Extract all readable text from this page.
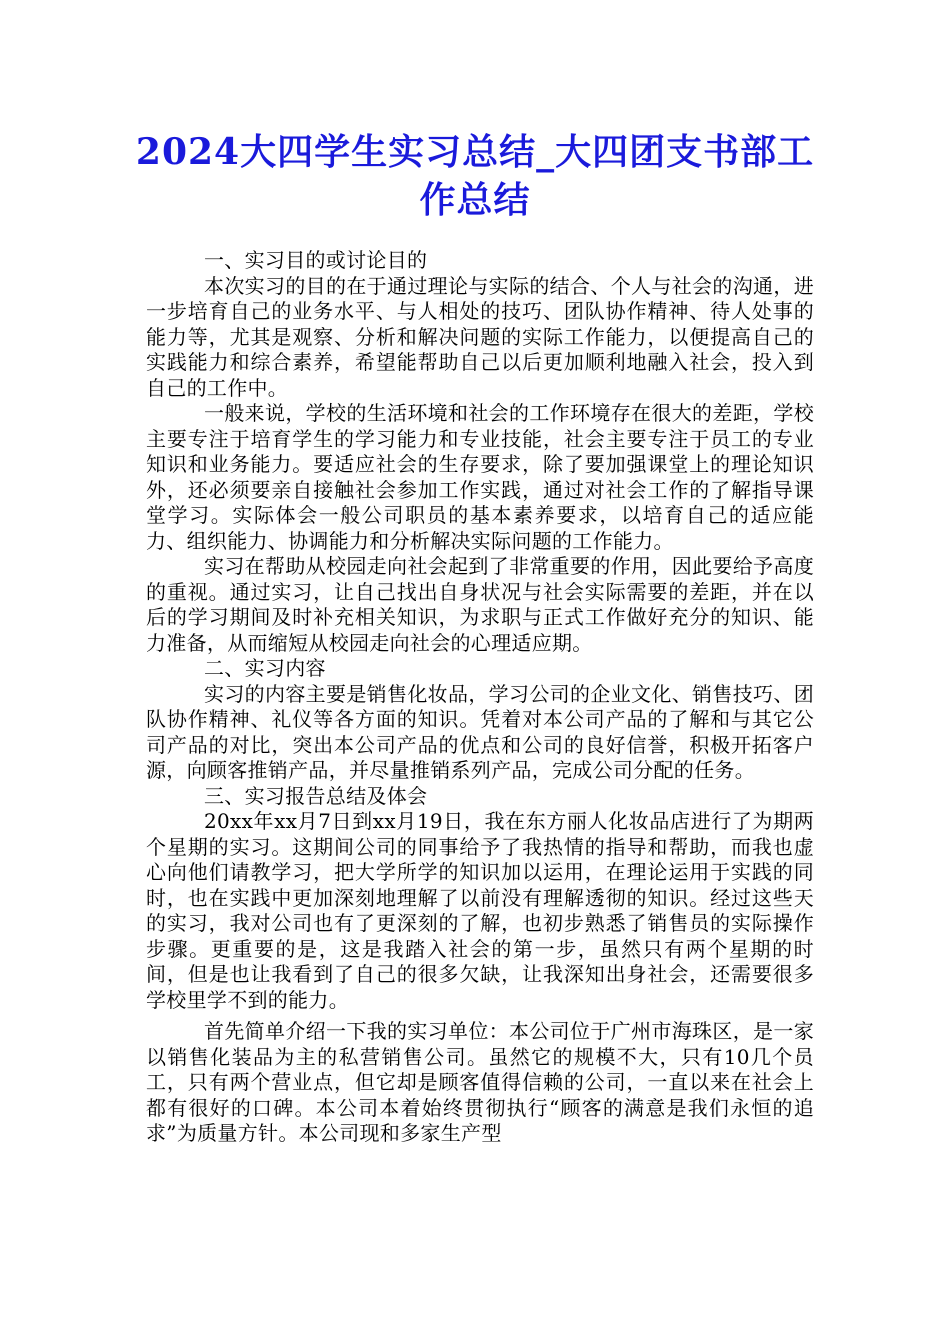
2024大四学生实习总结_大四团支书部工作总结

一、实习目的或讨论目的

本次实习的目的在于通过理论与实际的结合、个人与社会的沟通，进一步培育自己的业务水平、与人相处的技巧、团队协作精神、待人处事的能力等，尤其是观察、分析和解决问题的实际工作能力，以便提高自己的实践能力和综合素养，希望能帮助自己以后更加顺利地融入社会，投入到自己的工作中。

一般来说，学校的生活环境和社会的工作环境存在很大的差距，学校主要专注于培育学生的学习能力和专业技能，社会主要专注于员工的专业知识和业务能力。要适应社会的生存要求，除了要加强课堂上的理论知识外，还必须要亲自接触社会参加工作实践，通过对社会工作的了解指导课堂学习。实际体会一般公司职员的基本素养要求，以培育自己的适应能力、组织能力、协调能力和分析解决实际问题的工作能力。

实习在帮助从校园走向社会起到了非常重要的作用，因此要给予高度的重视。通过实习，让自己找出自身状况与社会实际需要的差距，并在以后的学习期间及时补充相关知识，为求职与正式工作做好充分的知识、能力准备，从而缩短从校园走向社会的心理适应期。

二、实习内容

实习的内容主要是销售化妆品，学习公司的企业文化、销售技巧、团队协作精神、礼仪等各方面的知识。凭着对本公司产品的了解和与其它公司产品的对比，突出本公司产品的优点和公司的良好信誉，积极开拓客户源，向顾客推销产品，并尽量推销系列产品，完成公司分配的任务。

三、实习报告总结及体会

20xx年xx月7日到xx月19日，我在东方丽人化妆品店进行了为期两个星期的实习。这期间公司的同事给予了我热情的指导和帮助，而我也虚心向他们请教学习，把大学所学的知识加以运用，在理论运用于实践的同时，也在实践中更加深刻地理解了以前没有理解透彻的知识。经过这些天的实习，我对公司也有了更深刻的了解，也初步熟悉了销售员的实际操作步骤。更重要的是，这是我踏入社会的第一步，虽然只有两个星期的时间，但是也让我看到了自己的很多欠缺，让我深知出身社会，还需要很多学校里学不到的能力。

首先简单介绍一下我的实习单位：本公司位于广州市海珠区，是一家以销售化装品为主的私营销售公司。虽然它的规模不大，只有10几个员工，只有两个营业点，但它却是顾客值得信赖的公司，一直以来在社会上都有很好的口碑。本公司本着始终贯彻执行“顾客的满意是我们永恒的追求”为质量方针。本公司现和多家生产型
